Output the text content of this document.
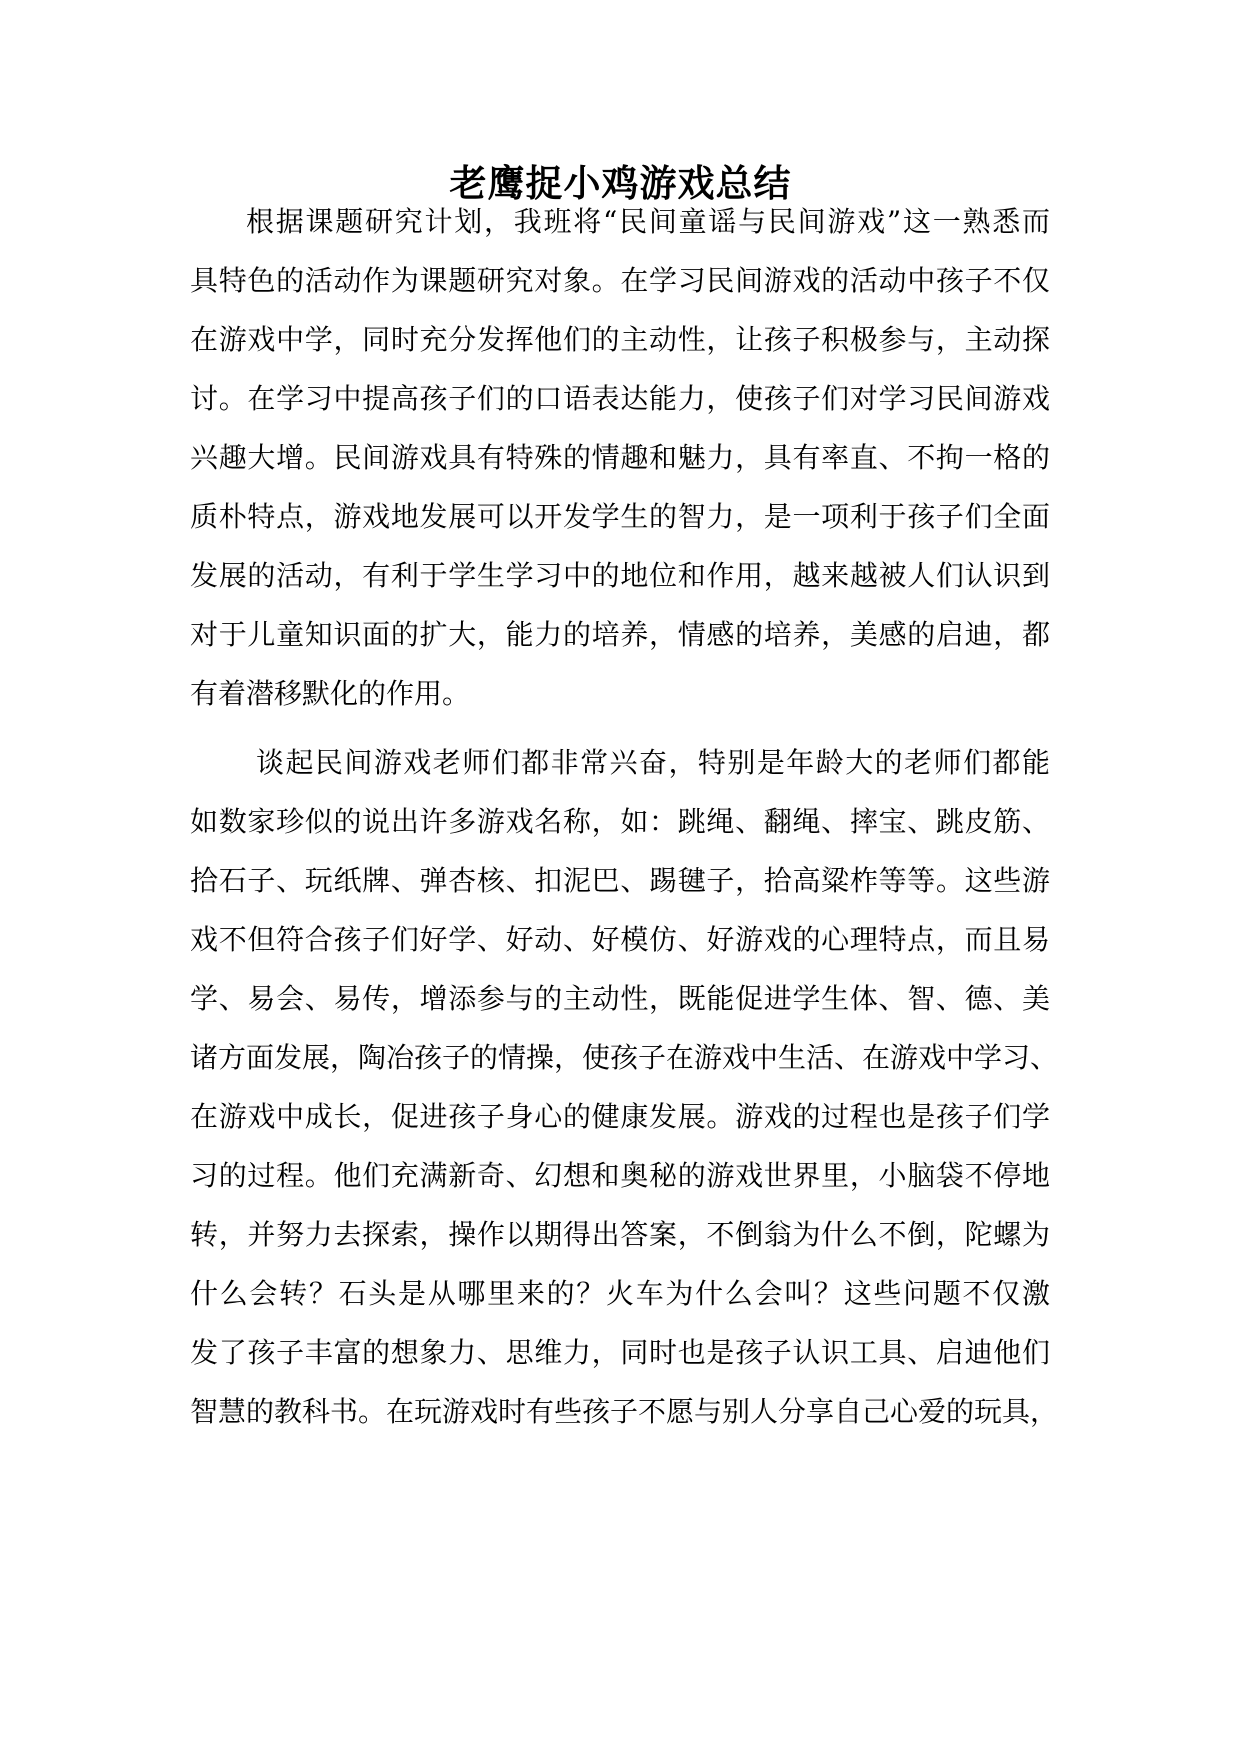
老鹰捉小鸡游戏总结
根据课题研究计划，我班将“民间童谣与民间游戏”这一熟悉而
具特色的活动作为课题研究对象。在学习民间游戏的活动中孩子不仅
在游戏中学，同时充分发挥他们的主动性，让孩子积极参与，主动探
讨。在学习中提高孩子们的口语表达能力，使孩子们对学习民间游戏
兴趣大增。民间游戏具有特殊的情趣和魅力，具有率直、不拘一格的
质朴特点，游戏地发展可以开发学生的智力，是一项利于孩子们全面
发展的活动，有利于学生学习中的地位和作用，越来越被人们认识到
对于儿童知识面的扩大，能力的培养，情感的培养，美感的启迪，都
有着潜移默化的作用。
谈起民间游戏老师们都非常兴奋，特别是年龄大的老师们都能
如数家珍似的说出许多游戏名称，如：跳绳、翻绳、摔宝、跳皮筋、
拾石子、玩纸牌、弹杏核、扣泥巴、踢毽子，拾高粱柞等等。这些游
戏不但符合孩子们好学、好动、好模仿、好游戏的心理特点，而且易
学、易会、易传，增添参与的主动性，既能促进学生体、智、德、美
诸方面发展，陶冶孩子的情操，使孩子在游戏中生活、在游戏中学习、
在游戏中成长，促进孩子身心的健康发展。游戏的过程也是孩子们学
习的过程。他们充满新奇、幻想和奥秘的游戏世界里，小脑袋不停地
转，并努力去探索，操作以期得出答案，不倒翁为什么不倒，陀螺为
什么会转？石头是从哪里来的？火车为什么会叫？这些问题不仅激
发了孩子丰富的想象力、思维力，同时也是孩子认识工具、启迪他们
智慧的教科书。在玩游戏时有些孩子不愿与别人分享自己心爱的玩具，
